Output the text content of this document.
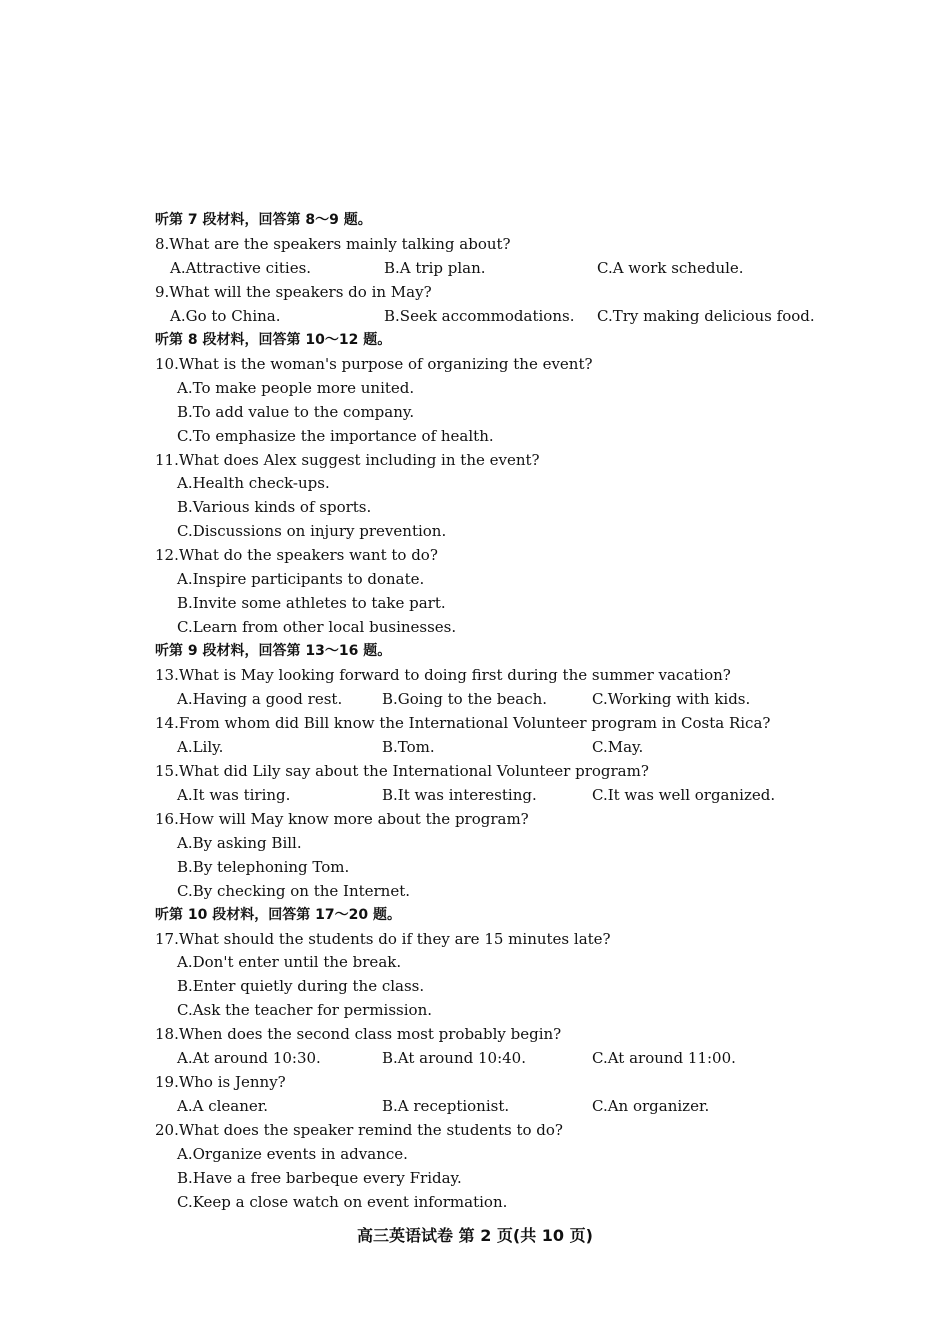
听第 7 段材料，回答第 8～9 题。
8.What are the speakers mainly talking about?
A.Attractive cities.	B.A trip plan.	C.A work schedule.
9.What will the speakers do in May?
A.Go to China.	B.Seek accommodations. C.Try making delicious food.
听第 8 段材料，回答第 10～12 题。
10.What is the woman's purpose of organizing the event?
A.To make people more united.
B.To add value to the company.
C.To emphasize the importance of health.
11.What does Alex suggest including in the event?
A.Health check-ups.
B.Various kinds of sports.
C.Discussions on injury prevention.
12.What do the speakers want to do?
A.Inspire participants to donate.
B.Invite some athletes to take part.
C.Learn from other local businesses.
听第 9 段材料，回答第 13～16 题。
13.What is May looking forward to doing first during the summer vacation?
A.Having a good rest.	B.Going to the beach.	C.Working with kids.
14.From whom did Bill know the International Volunteer program in Costa Rica?
A.Lily.	B.Tom.	C.May.
15.What did Lily say about the International Volunteer program?
A.It was tiring.	B.It was interesting.	C.It was well organized.
16.How will May know more about the program?
A.By asking Bill.
B.By telephoning Tom.
C.By checking on the Internet.
听第 10 段材料，回答第 17～20 题。
17.What should the students do if they are 15 minutes late?
A.Don't enter until the break.
B.Enter quietly during the class.
C.Ask the teacher for permission.
18.When does the second class most probably begin?
A.At around 10:30.	B.At around 10:40.	C.At around 11:00.
19.Who is Jenny?
A.A cleaner.	B.A receptionist.	C.An organizer.
20.What does the speaker remind the students to do?
A.Organize events in advance.
B.Have a free barbeque every Friday.
C.Keep a close watch on event information.
高三英语试卷 第 2 页(共 10 页)
